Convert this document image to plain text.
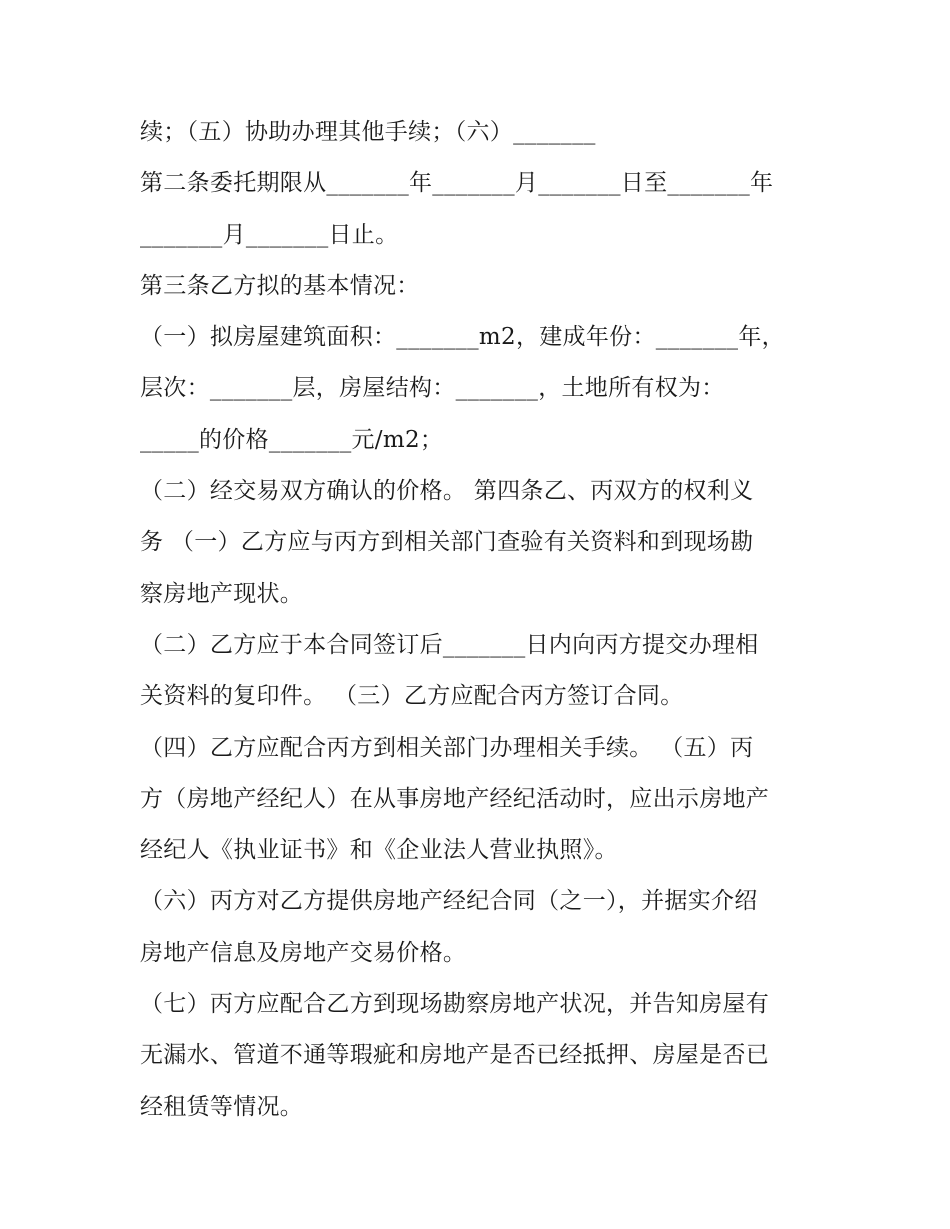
续；（五）协助办理其他手续；（六）_______
第二条委托期限从_______年_______月_______日至_______年
_______月_______日止。
第三条乙方拟的基本情况：
（一）拟房屋建筑面积：_______m2，建成年份：_______年，
层次：_______层，房屋结构：_______，土地所有权为：
_____的价格_______元/m2；
（二）经交易双方确认的价格。 第四条乙、丙双方的权利义
务 （一）乙方应与丙方到相关部门查验有关资料和到现场勘
察房地产现状。
（二）乙方应于本合同签订后_______日内向丙方提交办理相
关资料的复印件。 （三）乙方应配合丙方签订合同。
（四）乙方应配合丙方到相关部门办理相关手续。 （五）丙
方（房地产经纪人）在从事房地产经纪活动时，应出示房地产
经纪人《执业证书》和《企业法人营业执照》。
（六）丙方对乙方提供房地产经纪合同（之一），并据实介绍
房地产信息及房地产交易价格。
（七）丙方应配合乙方到现场勘察房地产状况，并告知房屋有
无漏水、管道不通等瑕疵和房地产是否已经抵押、房屋是否已
经租赁等情况。
